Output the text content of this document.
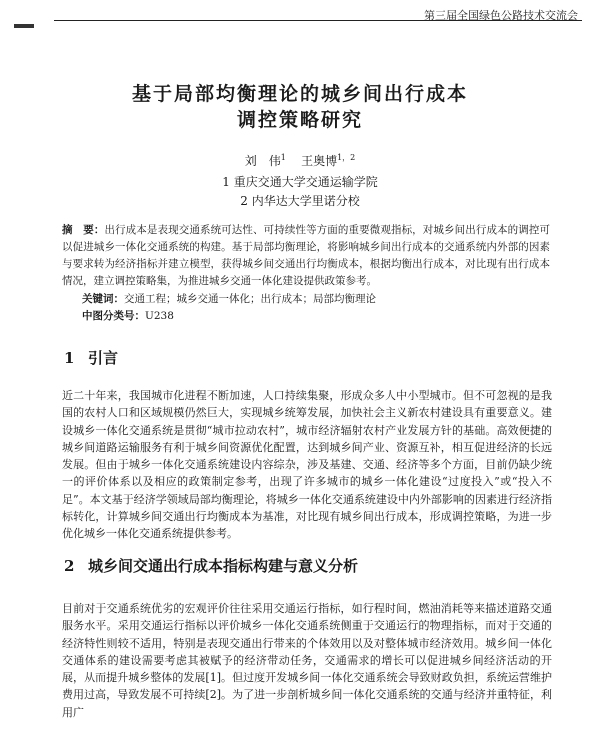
第三届全国绿色公路技术交流会
基于局部均衡理论的城乡间出行成本
调控策略研究
刘　伟$^1$ 王奥博$^{1,2}$
1 重庆交通大学交通运输学院
2 内华达大学里诺分校
摘　要：出行成本是表现交通系统可达性、可持续性等方面的重要微观指标，对城乡间出行成本的调控可以促进城乡一体化交通系统的构建。基于局部均衡理论，将影响城乡间出行成本的交通系统内外部的因素与要求转为经济指标并建立模型，获得城乡间交通出行均衡成本，根据均衡出行成本，对比现有出行成本情况，建立调控策略集，为推进城乡交通一体化建设提供政策参考。
关键词：交通工程；城乡交通一体化；出行成本；局部均衡理论
中图分类号：U238
1 引言
近二十年来，我国城市化进程不断加速，人口持续集聚，形成众多人中小型城市。但不可忽视的是我国的农村人口和区域规模仍然巨大，实现城乡统筹发展，加快社会主义新农村建设具有重要意义。建设城乡一体化交通系统是贯彻“城市拉动农村”，城市经济辐射农村产业发展方针的基础。高效便捷的城乡间道路运输服务有利于城乡间资源优化配置，达到城乡间产业、资源互补，相互促进经济的长远发展。但由于城乡一体化交通系统建设内容综杂，涉及基建、交通、经济等多个方面，目前仍缺少统一的评价体系以及相应的政策制定参考，出现了许多城市的城乡一体化建设“过度投入”或“投入不足”。本文基于经济学领域局部均衡理论，将城乡一体化交通系统建设中内外部影响的因素进行经济指标转化，计算城乡间交通出行均衡成本为基准，对比现有城乡间出行成本，形成调控策略，为进一步优化城乡一体化交通系统提供参考。
2 城乡间交通出行成本指标构建与意义分析
目前对于交通系统优劣的宏观评价往往采用交通运行指标，如行程时间，燃油消耗等来描述道路交通服务水平。采用交通运行指标以评价城乡一体化交通系统侧重于交通运行的物理指标，而对于交通的经济特性则较不适用，特别是表现交通出行带来的个体效用以及对整体城市经济效用。城乡间一体化交通体系的建设需要考虑其被赋予的经济带动任务，交通需求的增长可以促进城乡间经济活动的开展，从而提升城乡整体的发展[1]。但过度开发城乡间一体化交通系统会导致财政负担，系统运营维护费用过高，导致发展不可持续[2]。为了进一步剖析城乡间一体化交通系统的交通与经济并重特征，利用广
